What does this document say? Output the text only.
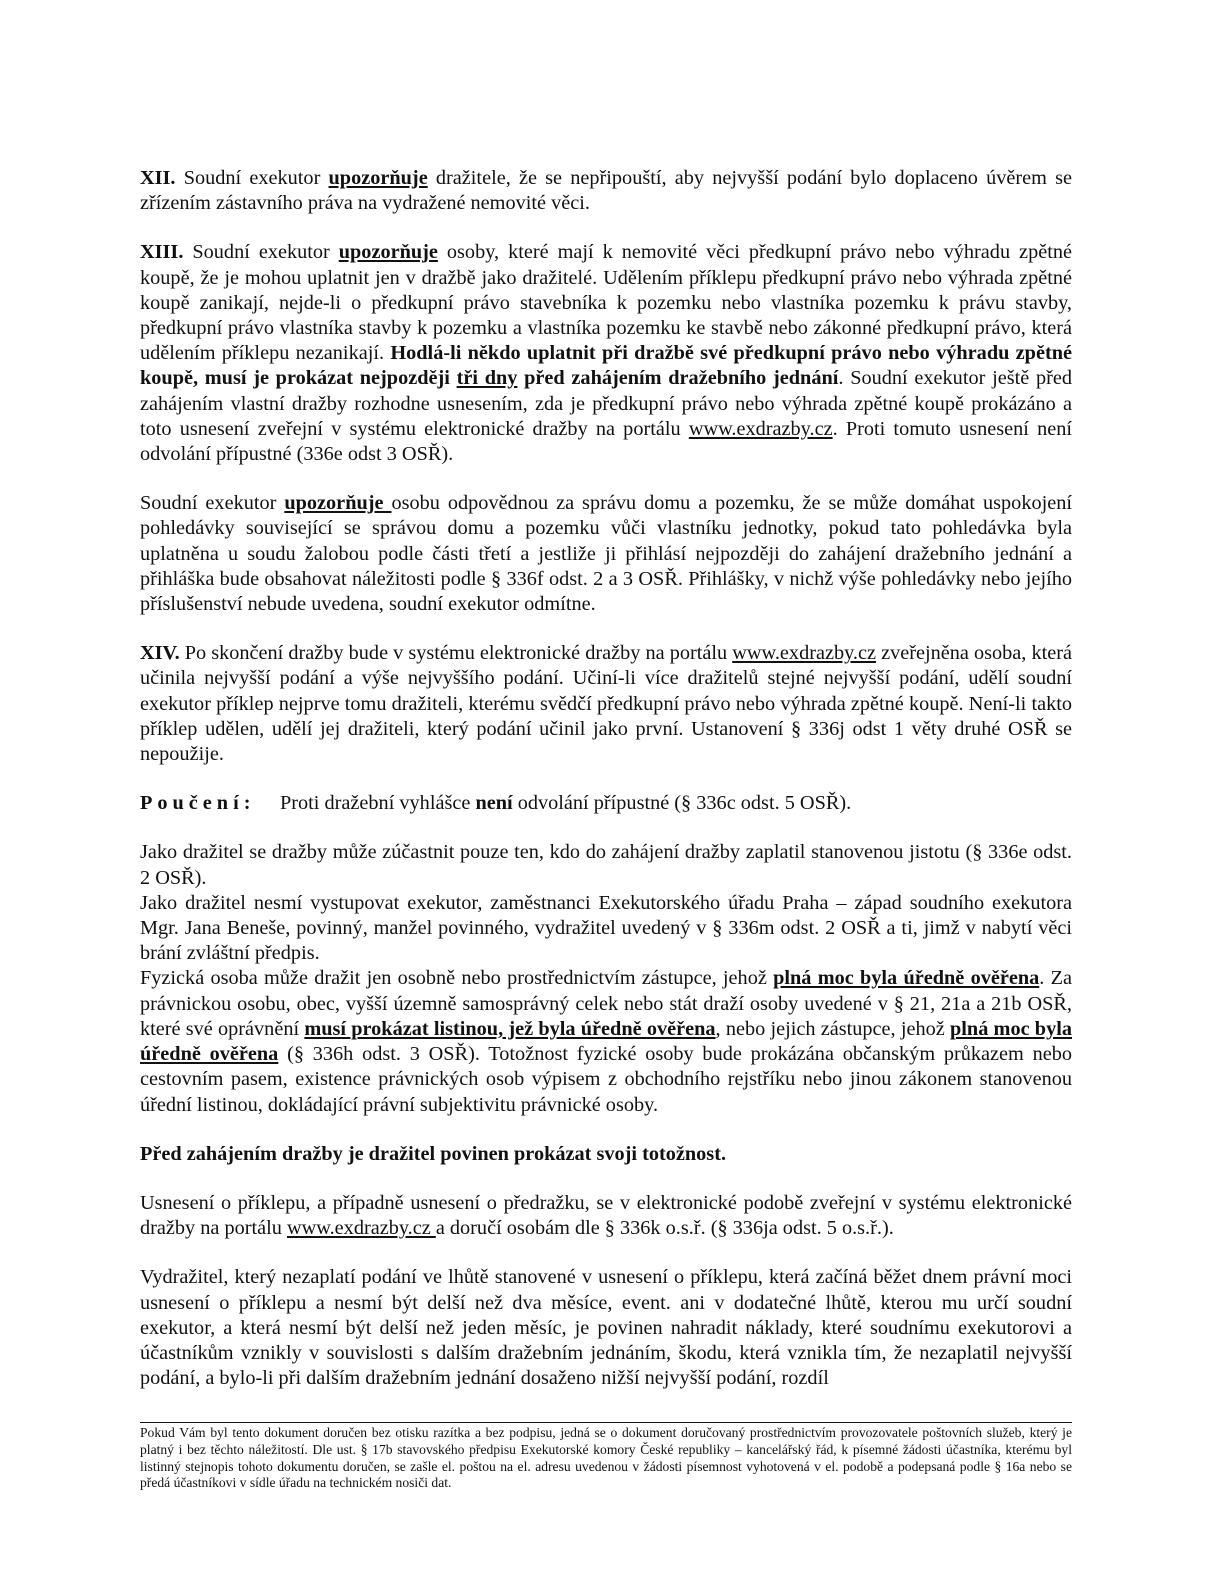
XII. Soudní exekutor upozorňuje dražitele, že se nepřipouští, aby nejvyšší podání bylo doplaceno úvěrem se zřízením zástavního práva na vydražené nemovité věci.

XIII. Soudní exekutor upozorňuje osoby, které mají k nemovité věci předkupní právo nebo výhradu zpětné koupě, že je mohou uplatnit jen v dražbě jako dražitelé. Udělením příklepu předkupní právo nebo výhrada zpětné koupě zanikají, nejde-li o předkupní právo stavebníka k pozemku nebo vlastníka pozemku k právu stavby, předkupní právo vlastníka stavby k pozemku a vlastníka pozemku ke stavbě nebo zákonné předkupní právo, která udělením příklepu nezanikají. Hodlá-li někdo uplatnit při dražbě své předkupní právo nebo výhradu zpětné koupě, musí je prokázat nejpozději tři dny před zahájením dražebního jednání. Soudní exekutor ještě před zahájením vlastní dražby rozhodne usnesením, zda je předkupní právo nebo výhrada zpětné koupě prokázáno a toto usnesení zveřejní v systému elektronické dražby na portálu www.exdrazby.cz. Proti tomuto usnesení není odvolání přípustné (336e odst 3 OSŘ).

Soudní exekutor upozorňuje osobu odpovědnou za správu domu a pozemku, že se může domáhat uspokojení pohledávky související se správou domu a pozemku vůči vlastníku jednotky, pokud tato pohledávka byla uplatněna u soudu žalobou podle části třetí a jestliže ji přihlásí nejpozději do zahájení dražebního jednání a přihláška bude obsahovat náležitosti podle § 336f odst. 2 a 3 OSŘ. Přihlášky, v nichž výše pohledávky nebo jejího příslušenství nebude uvedena, soudní exekutor odmítne.

XIV. Po skončení dražby bude v systému elektronické dražby na portálu www.exdrazby.cz zveřejněna osoba, která učinila nejvyšší podání a výše nejvyššího podání. Učiní-li více dražitelů stejné nejvyšší podání, udělí soudní exekutor příklep nejprve tomu dražiteli, kterému svědčí předkupní právo nebo výhrada zpětné koupě. Není-li takto příklep udělen, udělí jej dražiteli, který podání učinil jako první. Ustanovení § 336j odst 1 věty druhé OSŘ se nepoužije.

Poučení: Proti dražební vyhlášce není odvolání přípustné (§ 336c odst. 5 OSŘ).

Jako dražitel se dražby může zúčastnit pouze ten, kdo do zahájení dražby zaplatil stanovenou jistotu (§ 336e odst. 2 OSŘ).

Jako dražitel nesmí vystupovat exekutor, zaměstnanci Exekutorského úřadu Praha – západ soudního exekutora Mgr. Jana Beneše, povinný, manžel povinného, vydražitel uvedený v § 336m odst. 2 OSŘ a ti, jimž v nabytí věci brání zvláštní předpis.

Fyzická osoba může dražit jen osobně nebo prostřednictvím zástupce, jehož plná moc byla úředně ověřena. Za právnickou osobu, obec, vyšší územně samosprávný celek nebo stát draží osoby uvedené v § 21, 21a a 21b OSŘ, které své oprávnění musí prokázat listinou, jež byla úředně ověřena, nebo jejich zástupce, jehož plná moc byla úředně ověřena (§ 336h odst. 3 OSŘ). Totožnost fyzické osoby bude prokázána občanským průkazem nebo cestovním pasem, existence právnických osob výpisem z obchodního rejstříku nebo jinou zákonem stanovenou úřední listinou, dokládající právní subjektivitu právnické osoby.

Před zahájením dražby je dražitel povinen prokázat svoji totožnost.

Usnesení o příklepu, a případně usnesení o předražku, se v elektronické podobě zveřejní v systému elektronické dražby na portálu www.exdrazby.cz a doručí osobám dle § 336k o.s.ř. (§ 336ja odst. 5 o.s.ř.).

Vydražitel, který nezaplatí podání ve lhůtě stanovené v usnesení o příklepu, která začíná běžet dnem právní moci usnesení o příklepu a nesmí být delší než dva měsíce, event. ani v dodatečné lhůtě, kterou mu určí soudní exekutor, a která nesmí být delší než jeden měsíc, je povinen nahradit náklady, které soudnímu exekutorovi a účastníkům vznikly v souvislosti s dalším dražebním jednáním, škodu, která vznikla tím, že nezaplatil nejvyšší podání, a bylo-li při dalším dražebním jednání dosaženo nižší nejvyšší podání, rozdíl

Pokud Vám byl tento dokument doručen bez otisku razítka a bez podpisu, jedná se o dokument doručovaný prostřednictvím provozovatele poštovních služeb, který je platný i bez těchto náležitostí. Dle ust. § 17b stavovského předpisu Exekutorské komory České republiky – kancelářský řád, k písemné žádosti účastníka, kterému byl listinný stejnopis tohoto dokumentu doručen, se zašle el. poštou na el. adresu uvedenou v žádosti písemnost vyhotovená v el. podobě a podepsaná podle § 16a nebo se předá účastníkovi v sídle úřadu na technickém nosiči dat.
